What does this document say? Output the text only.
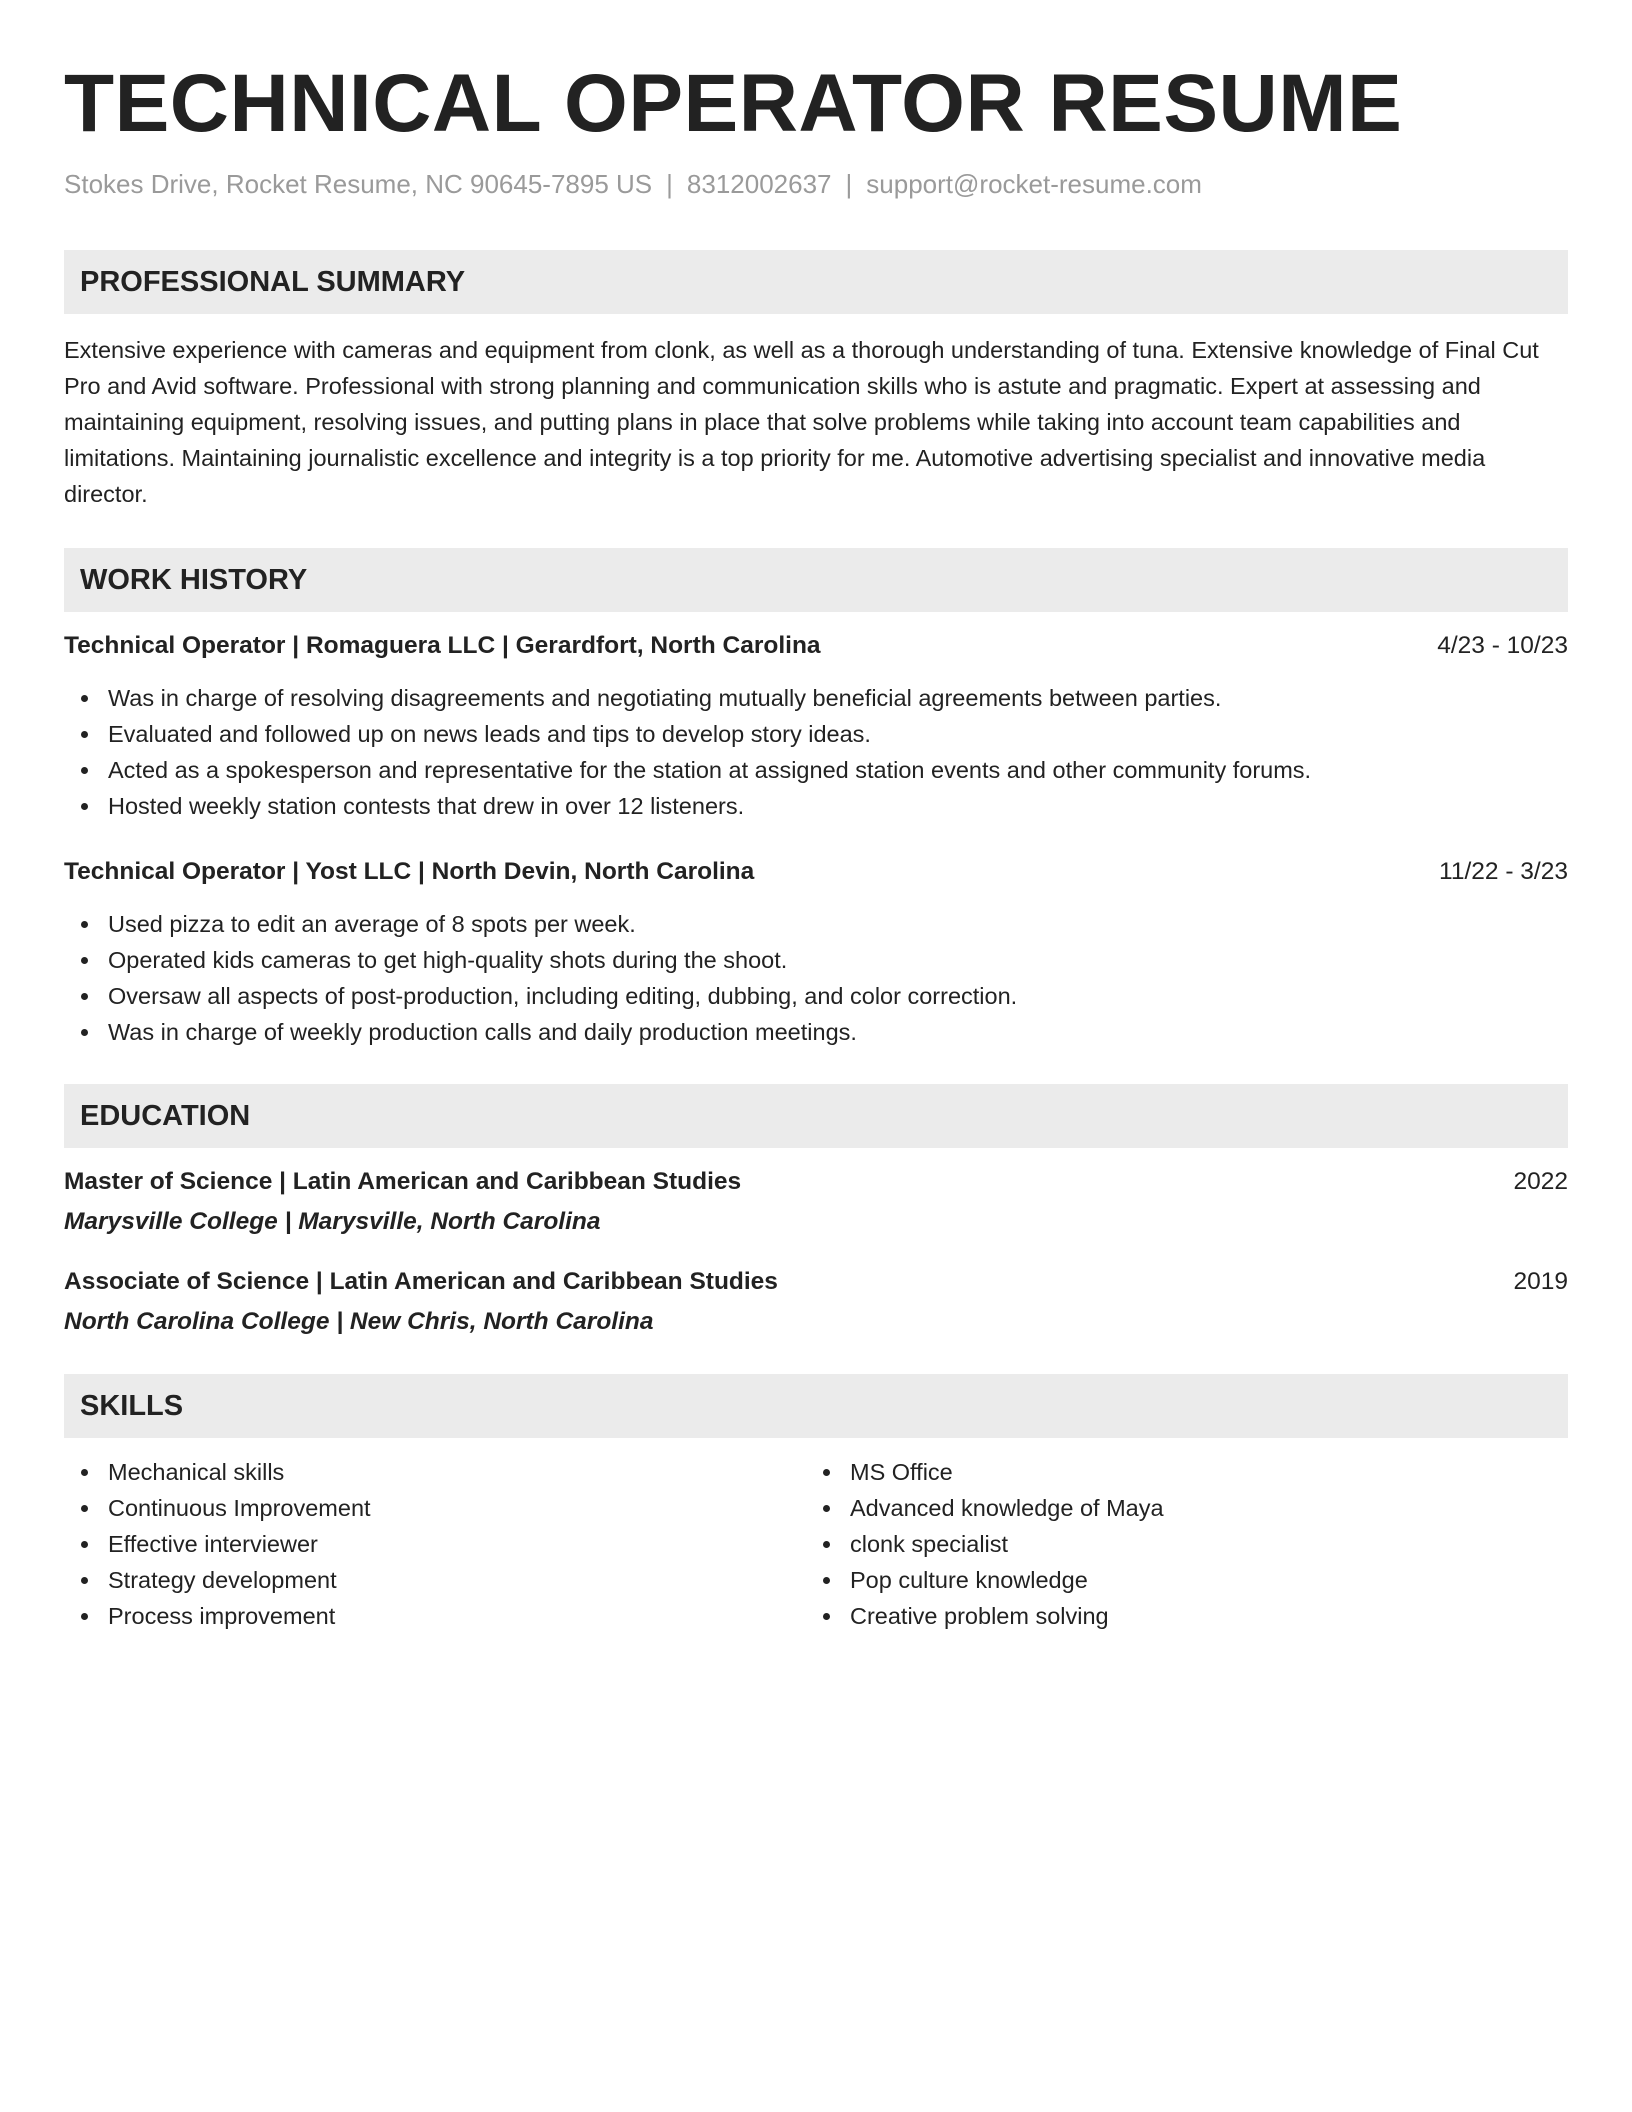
TECHNICAL OPERATOR RESUME
Stokes Drive, Rocket Resume, NC 90645-7895 US | 8312002637 | support@rocket-resume.com
PROFESSIONAL SUMMARY

Extensive experience with cameras and equipment from clonk, as well as a thorough understanding of tuna. Extensive knowledge of Final Cut Pro and Avid software. Professional with strong planning and communication skills who is astute and pragmatic. Expert at assessing and maintaining equipment, resolving issues, and putting plans in place that solve problems while taking into account team capabilities and limitations. Maintaining journalistic excellence and integrity is a top priority for me. Automotive advertising specialist and innovative media director.

WORK HISTORY
Technical Operator | Romaguera LLC | Gerardfort, North Carolina	4/23 - 10/23
Was in charge of resolving disagreements and negotiating mutually beneficial agreements between parties.
Evaluated and followed up on news leads and tips to develop story ideas.
Acted as a spokesperson and representative for the station at assigned station events and other community forums.
Hosted weekly station contests that drew in over 12 listeners.
Technical Operator | Yost LLC | North Devin, North Carolina	11/22 - 3/23
Used pizza to edit an average of 8 spots per week.
Operated kids cameras to get high-quality shots during the shoot.
Oversaw all aspects of post-production, including editing, dubbing, and color correction.
Was in charge of weekly production calls and daily production meetings.
EDUCATION
Master of Science | Latin American and Caribbean Studies	2022
Marysville College | Marysville, North Carolina
Associate of Science | Latin American and Caribbean Studies	2019
North Carolina College | New Chris, North Carolina
SKILLS
Mechanical skills
Continuous Improvement
Effective interviewer
Strategy development
Process improvement
MS Office
Advanced knowledge of Maya
clonk specialist
Pop culture knowledge
Creative problem solving
